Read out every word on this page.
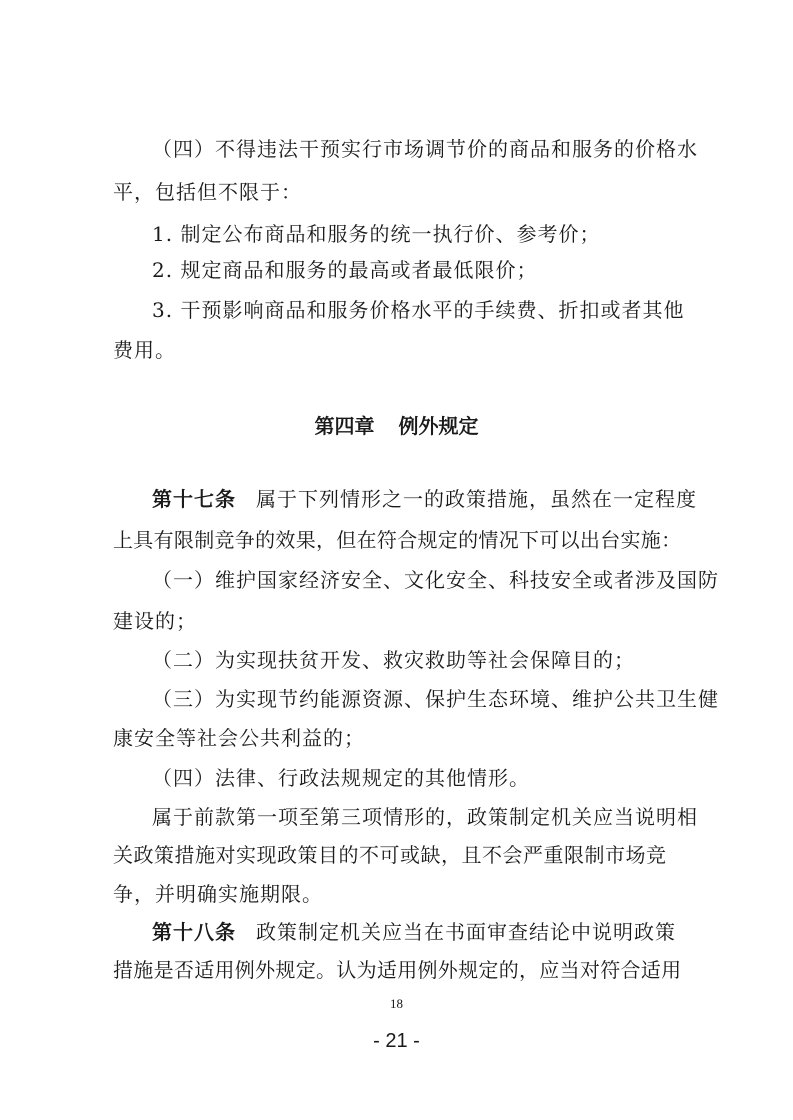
（四）不得违法干预实行市场调节价的商品和服务的价格水
平，包括但不限于：
1. 制定公布商品和服务的统一执行价、参考价；
2. 规定商品和服务的最高或者最低限价；
3. 干预影响商品和服务价格水平的手续费、折扣或者其他
费用。
第四章 例外规定
第十七条 属于下列情形之一的政策措施，虽然在一定程度
上具有限制竞争的效果，但在符合规定的情况下可以出台实施：
（一）维护国家经济安全、文化安全、科技安全或者涉及国防
建设的；
（二）为实现扶贫开发、救灾救助等社会保障目的；
（三）为实现节约能源资源、保护生态环境、维护公共卫生健
康安全等社会公共利益的；
（四）法律、行政法规规定的其他情形。
属于前款第一项至第三项情形的，政策制定机关应当说明相
关政策措施对实现政策目的不可或缺，且不会严重限制市场竞
争，并明确实施期限。
第十八条 政策制定机关应当在书面审查结论中说明政策
措施是否适用例外规定。认为适用例外规定的，应当对符合适用
18
- 21 -
